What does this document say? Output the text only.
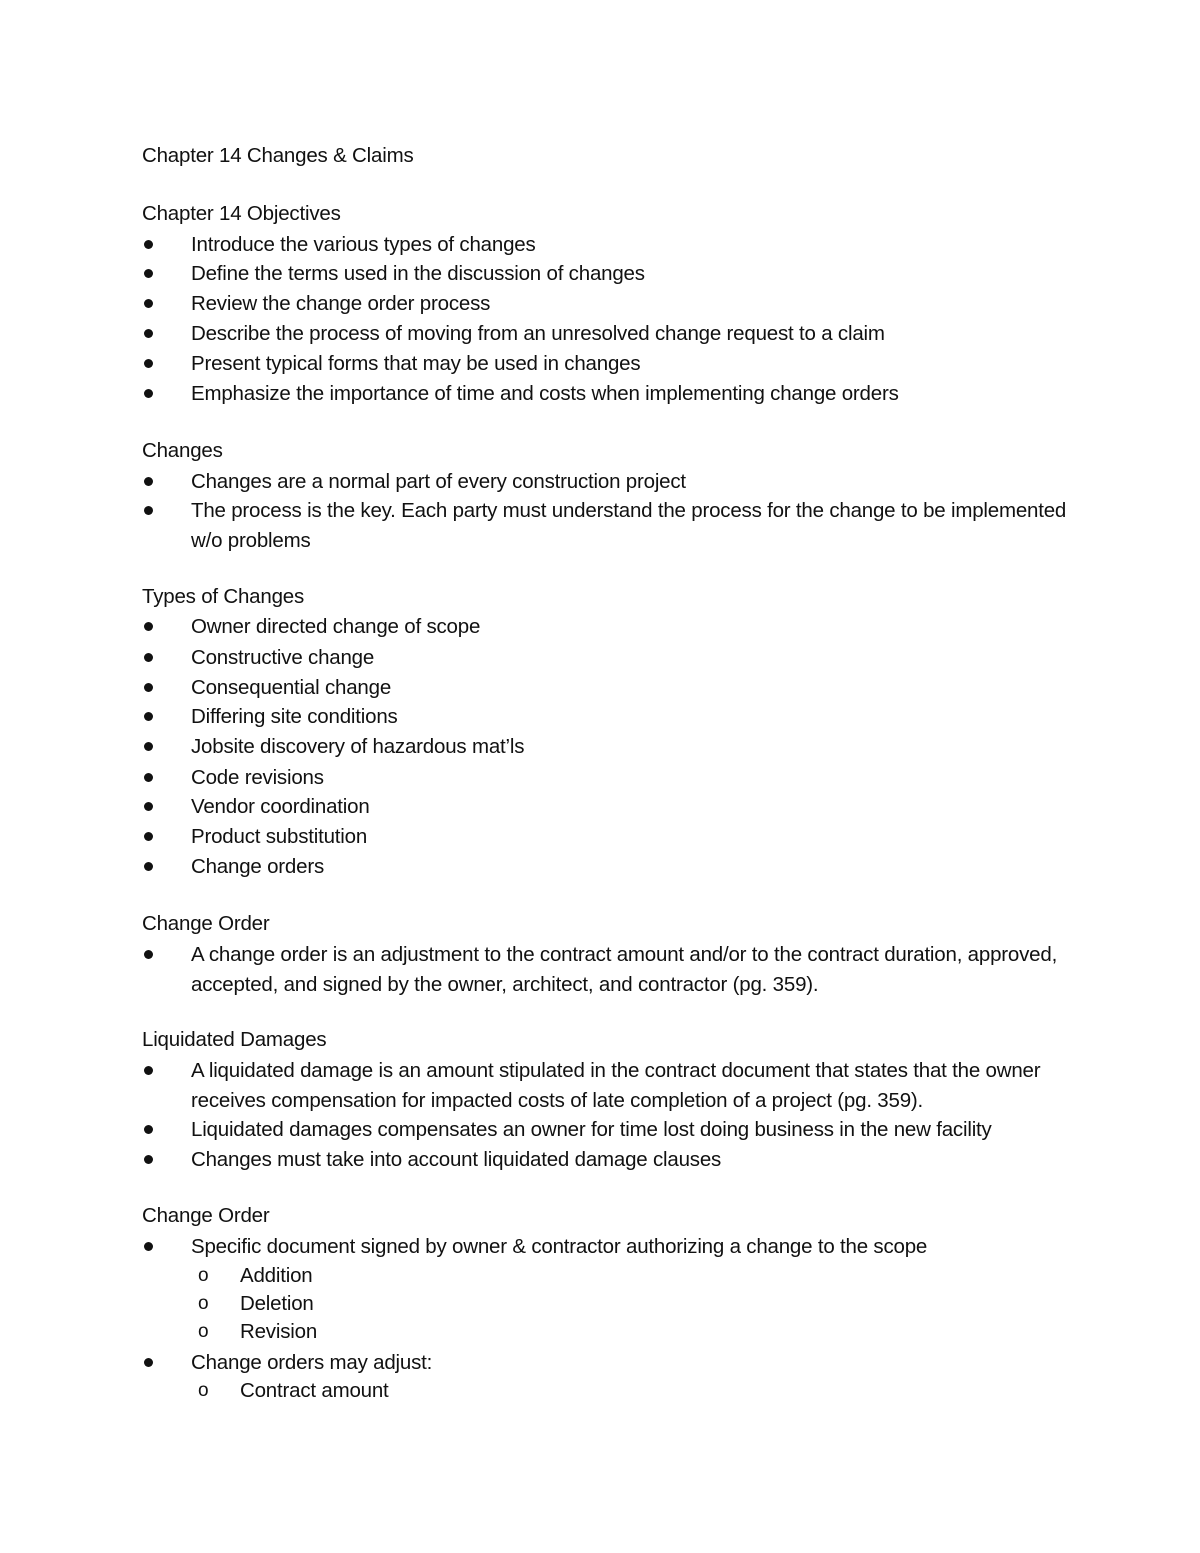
Chapter 14 Changes & Claims
Chapter 14 Objectives
Introduce the various types of changes
Define the terms used in the discussion of changes
Review the change order process
Describe the process of moving from an unresolved change request to a claim
Present typical forms that may be used in changes
Emphasize the importance of time and costs when implementing change orders
Changes
Changes are a normal part of every construction project
The process is the key. Each party must understand the process for the change to be implemented w/o problems
Types of Changes
Owner directed change of scope
Constructive change
Consequential change
Differing site conditions
Jobsite discovery of hazardous mat’ls
Code revisions
Vendor coordination
Product substitution
Change orders
Change Order
A change order is an adjustment to the contract amount and/or to the contract duration, approved, accepted, and signed by the owner, architect, and contractor (pg. 359).
Liquidated Damages
A liquidated damage is an amount stipulated in the contract document that states that the owner receives compensation for impacted costs of late completion of a project (pg. 359).
Liquidated damages compensates an owner for time lost doing business in the new facility
Changes must take into account liquidated damage clauses
Change Order
Specific document signed by owner & contractor authorizing a change to the scope
o Addition
o Deletion
o Revision
Change orders may adjust:
o Contract amount
